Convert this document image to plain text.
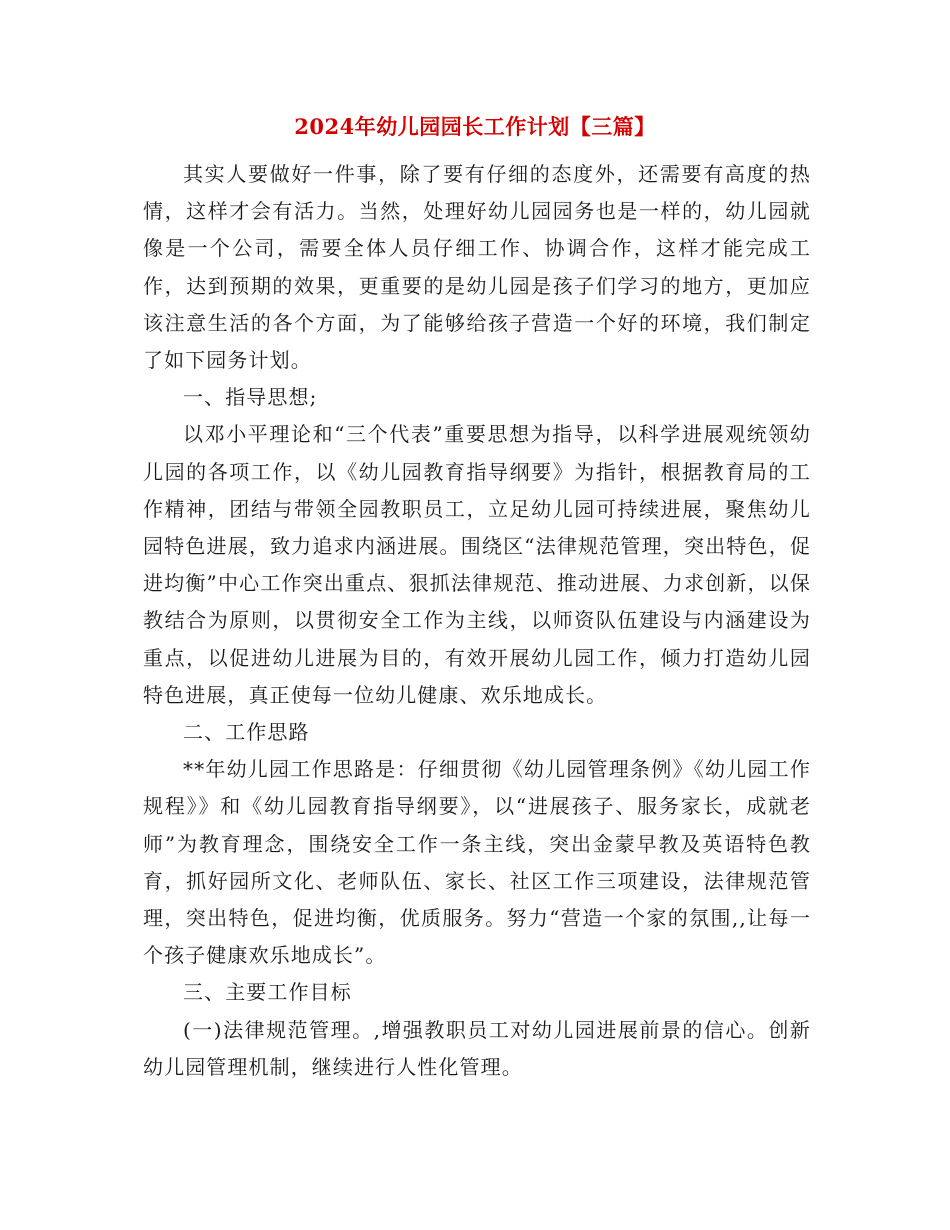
2024年幼儿园园长工作计划【三篇】

其实人要做好一件事，除了要有仔细的态度外，还需要有高度的热情，这样才会有活力。当然，处理好幼儿园园务也是一样的，幼儿园就像是一个公司，需要全体人员仔细工作、协调合作，这样才能完成工作，达到预期的效果，更重要的是幼儿园是孩子们学习的地方，更加应该注意生活的各个方面，为了能够给孩子营造一个好的环境，我们制定了如下园务计划。

一、指导思想;

以邓小平理论和“三个代表”重要思想为指导，以科学进展观统领幼儿园的各项工作，以《幼儿园教育指导纲要》为指针，根据教育局的工作精神，团结与带领全园教职员工，立足幼儿园可持续进展，聚焦幼儿园特色进展，致力追求内涵进展。围绕区“法律规范管理，突出特色，促进均衡”中心工作突出重点、狠抓法律规范、推动进展、力求创新，以保教结合为原则，以贯彻安全工作为主线，以师资队伍建设与内涵建设为重点，以促进幼儿进展为目的，有效开展幼儿园工作，倾力打造幼儿园特色进展，真正使每一位幼儿健康、欢乐地成长。

二、工作思路

**年幼儿园工作思路是：仔细贯彻《幼儿园管理条例》《幼儿园工作规程》》和《幼儿园教育指导纲要》，以“进展孩子、服务家长，成就老师”为教育理念，围绕安全工作一条主线，突出金蒙早教及英语特色教育，抓好园所文化、老师队伍、家长、社区工作三项建设，法律规范管理，突出特色，促进均衡，优质服务。努力“营造一个家的氛围,,让每一个孩子健康欢乐地成长”。

三、主要工作目标

(一)法律规范管理。,增强教职员工对幼儿园进展前景的信心。创新幼儿园管理机制，继续进行人性化管理。
